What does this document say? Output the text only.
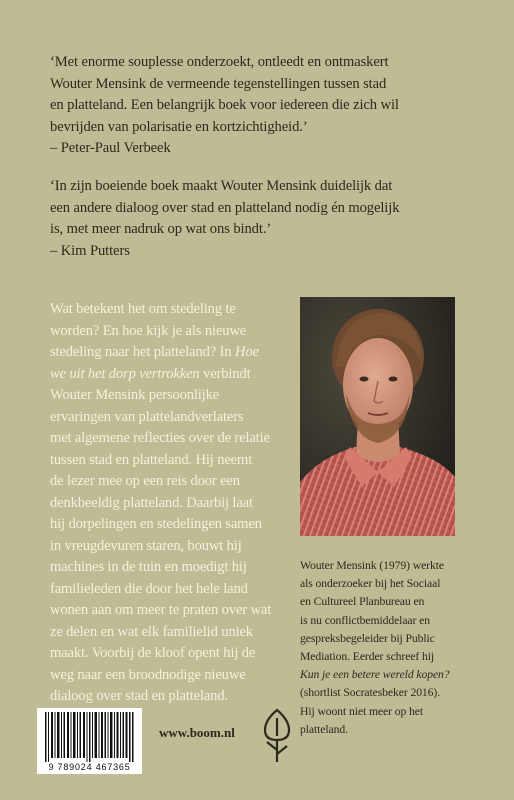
‘Met enorme souplesse onderzoekt, ontleedt en ontmaskert

Wouter Mensink de vermeende tegenstellingen tussen stad

en platteland. Een belangrijk boek voor iedereen die zich wil

bevrijden van polarisatie en kortzichtigheid.’

– Peter-Paul Verbeek

‘In zijn boeiende boek maakt Wouter Mensink duidelijk dat

een andere dialoog over stad en platteland nodig én mogelijk

is, met meer nadruk op wat ons bindt.’

– Kim Putters

Wat betekent het om stedeling te
worden? En hoe kijk je als nieuwe
stedeling naar het platteland? In Hoe
we uit het dorp vertrokken verbindt
Wouter Mensink persoonlijke
ervaringen van plattelandverlaters
met algemene reflecties over de relatie
tussen stad en platteland. Hij neemt
de lezer mee op een reis door een
denkbeeldig platteland. Daarbij laat
hij dorpelingen en stedelingen samen
in vreugdevuren staren, bouwt hij
machines in de tuin en moedigt hij
familieleden die door het hele land
wonen aan om meer te praten over wat
ze delen en wat elk familielid uniek
maakt. Voorbij de kloof opent hij de
weg naar een broodnodige nieuwe
dialoog over stad en platteland.
Wouter Mensink (1979) werkte
als onderzoeker bij het Sociaal
en Cultureel Planbureau en
is nu conflictbemiddelaar en
gespreksbegeleider bij Public
Mediation. Eerder schreef hij
Kun je een betere wereld kopen?
(shortlist Socratesbeker 2016).
Hij woont niet meer op het
platteland.
9 789024 467365
www.boom.nl
